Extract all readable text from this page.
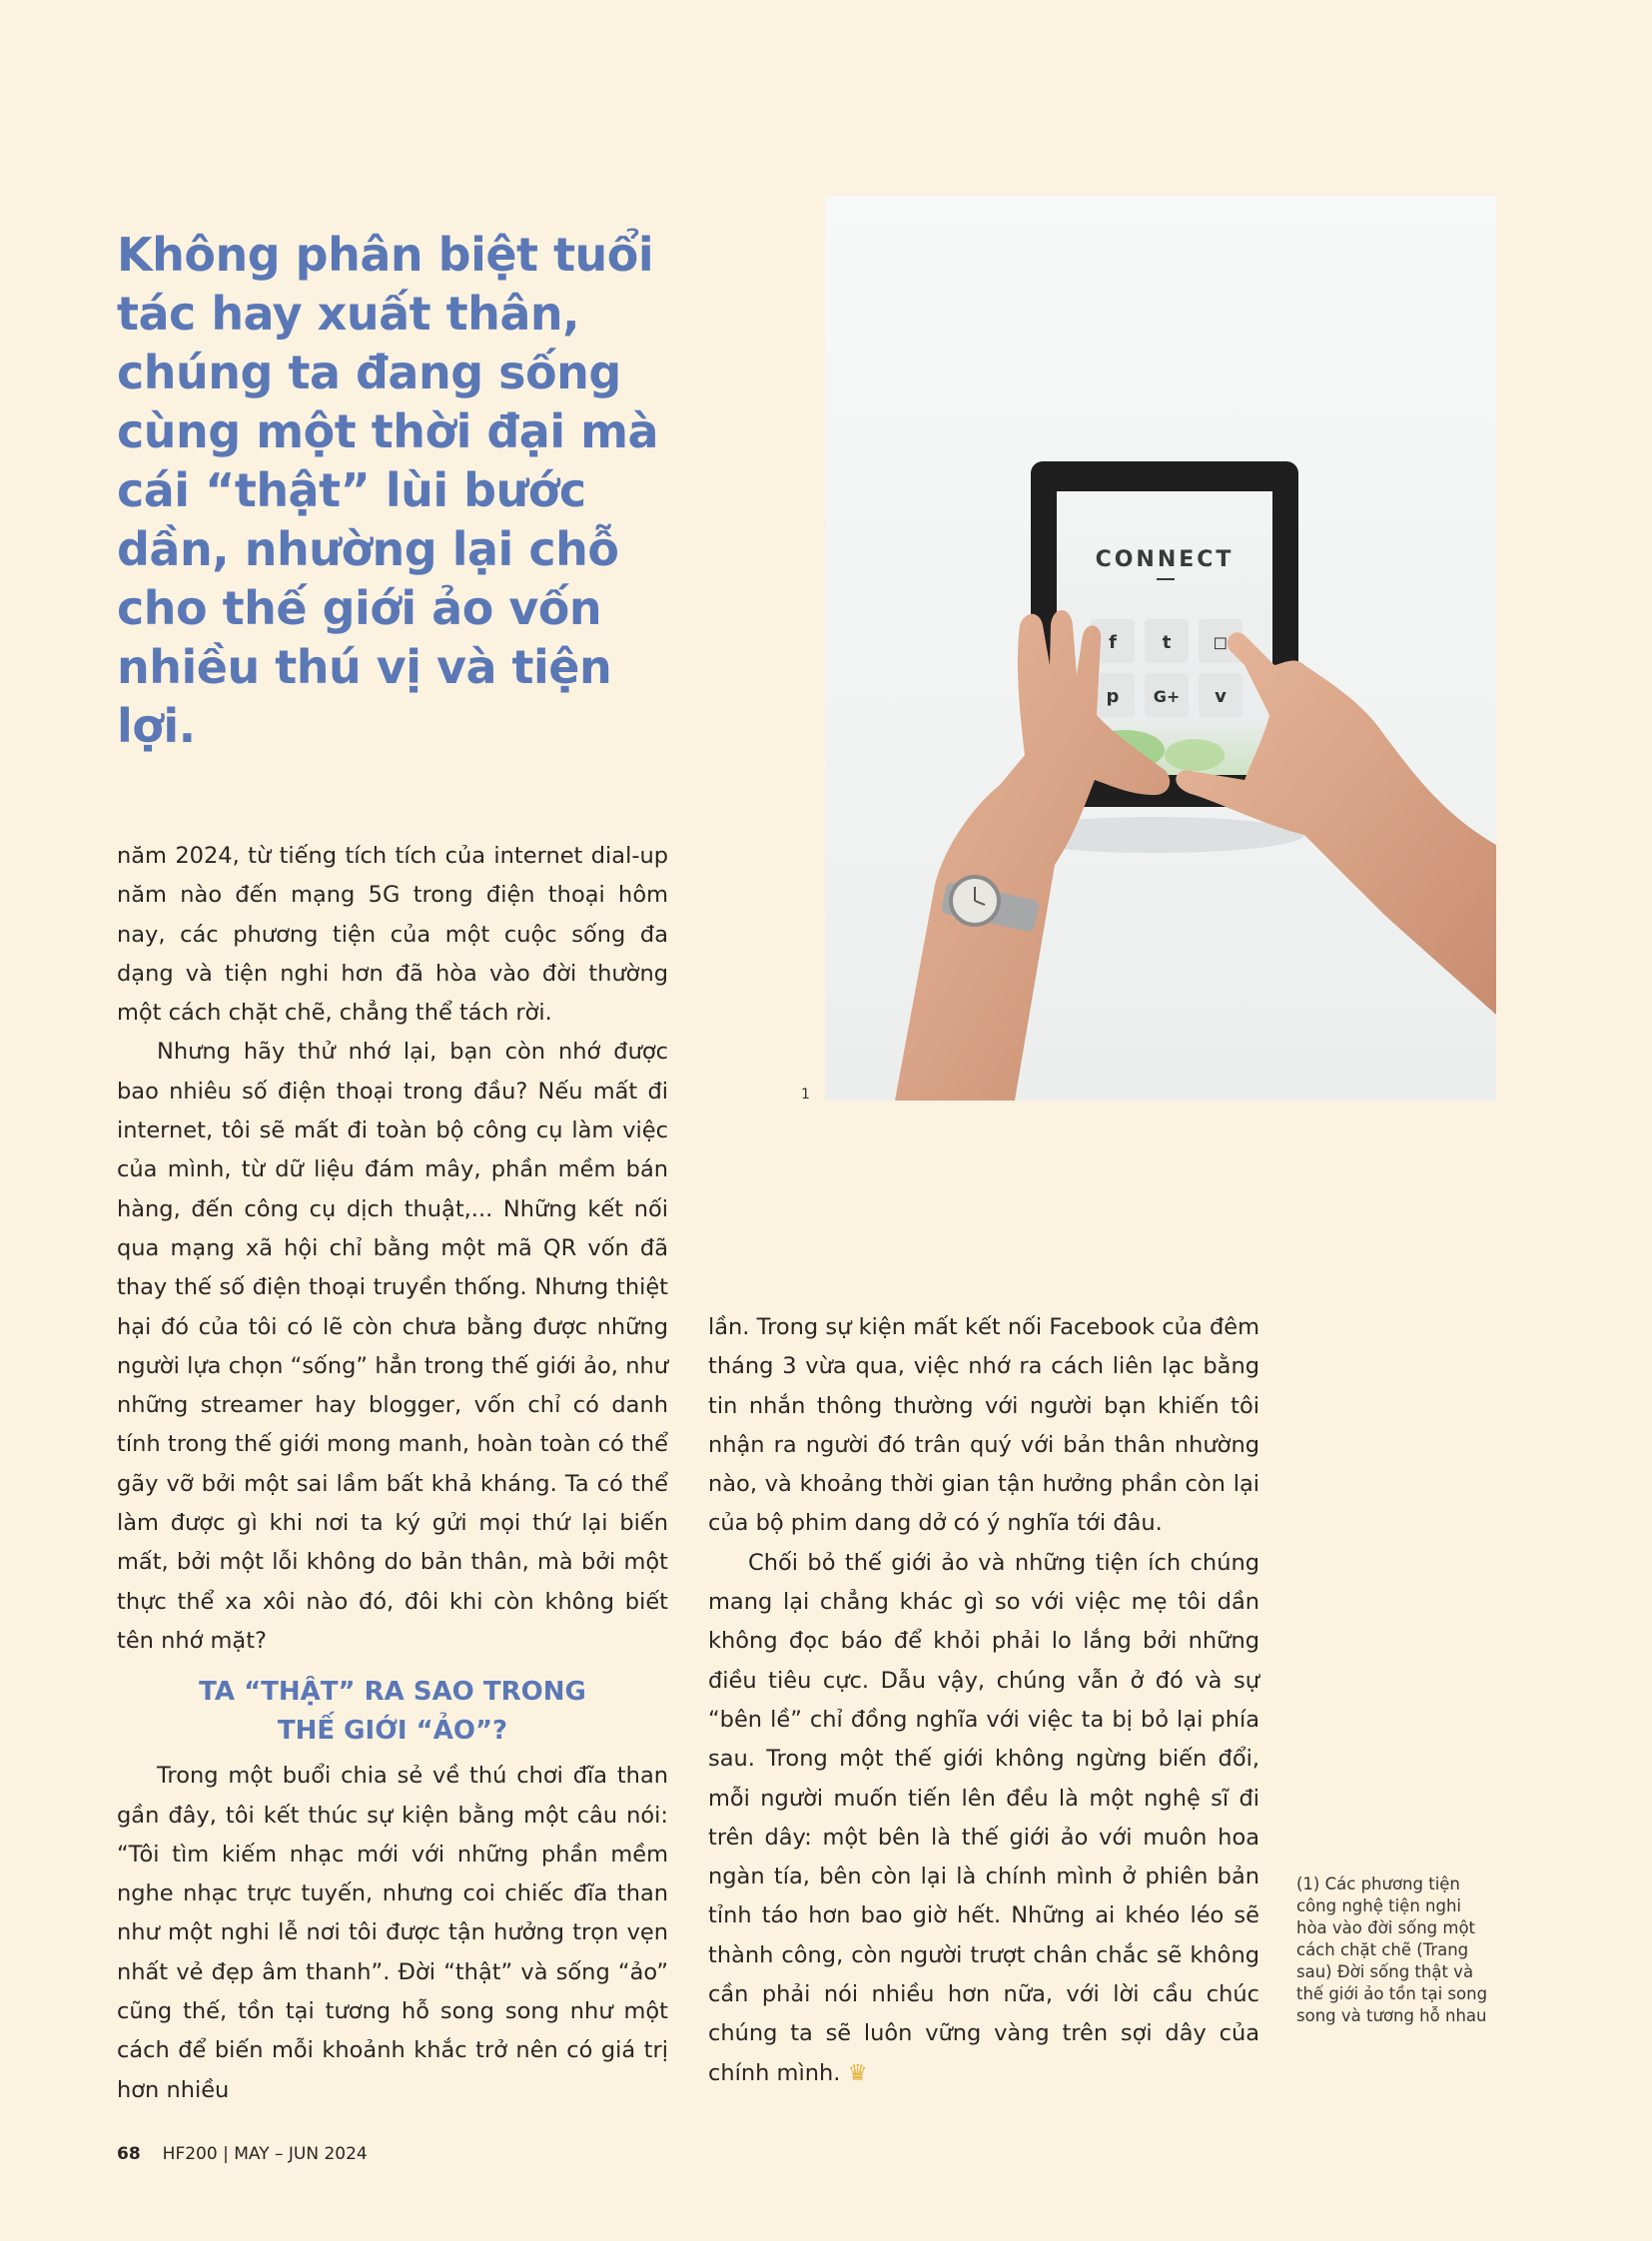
Không phân biệt tuổi tác hay xuất thân, chúng ta đang sống cùng một thời đại mà cái “thật” lùi bước dần, nhường lại chỗ cho thế giới ảo vốn nhiều thú vị và tiện lợi.
CONNECT
f	t ◻
p G+ v
1

năm 2024, từ tiếng tích tích của internet dial-up năm nào đến mạng 5G trong điện thoại hôm nay, các phương tiện của một cuộc sống đa dạng và tiện nghi hơn đã hòa vào đời thường một cách chặt chẽ, chẳng thể tách rời.

Nhưng hãy thử nhớ lại, bạn còn nhớ được bao nhiêu số điện thoại trong đầu? Nếu mất đi internet, tôi sẽ mất đi toàn bộ công cụ làm việc của mình, từ dữ liệu đám mây, phần mềm bán hàng, đến công cụ dịch thuật,... Những kết nối qua mạng xã hội chỉ bằng một mã QR vốn đã thay thế số điện thoại truyền thống. Nhưng thiệt hại đó của tôi có lẽ còn chưa bằng được những người lựa chọn “sống” hẳn trong thế giới ảo, như những streamer hay blogger, vốn chỉ có danh tính trong thế giới mong manh, hoàn toàn có thể gãy vỡ bởi một sai lầm bất khả kháng. Ta có thể làm được gì khi nơi ta ký gửi mọi thứ lại biến mất, bởi một lỗi không do bản thân, mà bởi một thực thể xa xôi nào đó, đôi khi còn không biết tên nhớ mặt?

TA “THẬT” RA SAO TRONG
THẾ GIỚI “ẢO”?

Trong một buổi chia sẻ về thú chơi đĩa than gần đây, tôi kết thúc sự kiện bằng một câu nói: “Tôi tìm kiếm nhạc mới với những phần mềm nghe nhạc trực tuyến, nhưng coi chiếc đĩa than như một nghi lễ nơi tôi được tận hưởng trọn vẹn nhất vẻ đẹp âm thanh”. Đời “thật” và sống “ảo” cũng thế, tồn tại tương hỗ song song như một cách để biến mỗi khoảnh khắc trở nên có giá trị hơn nhiều

lần. Trong sự kiện mất kết nối Facebook của đêm tháng 3 vừa qua, việc nhớ ra cách liên lạc bằng tin nhắn thông thường với người bạn khiến tôi nhận ra người đó trân quý với bản thân nhường nào, và khoảng thời gian tận hưởng phần còn lại của bộ phim dang dở có ý nghĩa tới đâu.

Chối bỏ thế giới ảo và những tiện ích chúng mang lại chẳng khác gì so với việc mẹ tôi dần không đọc báo để khỏi phải lo lắng bởi những điều tiêu cực. Dẫu vậy, chúng vẫn ở đó và sự “bên lề” chỉ đồng nghĩa với việc ta bị bỏ lại phía sau. Trong một thế giới không ngừng biến đổi, mỗi người muốn tiến lên đều là một nghệ sĩ đi trên dây: một bên là thế giới ảo với muôn hoa ngàn tía, bên còn lại là chính mình ở phiên bản tỉnh táo hơn bao giờ hết. Những ai khéo léo sẽ thành công, còn người trượt chân chắc sẽ không cần phải nói nhiều hơn nữa, với lời cầu chúc chúng ta sẽ luôn vững vàng trên sợi dây của chính mình. ♛

(1) Các phương tiện công nghệ tiện nghi hòa vào đời sống một cách chặt chẽ (Trang sau) Đời sống thật và thế giới ảo tồn tại song song và tương hỗ nhau
68 HF200 | MAY – JUN 2024
